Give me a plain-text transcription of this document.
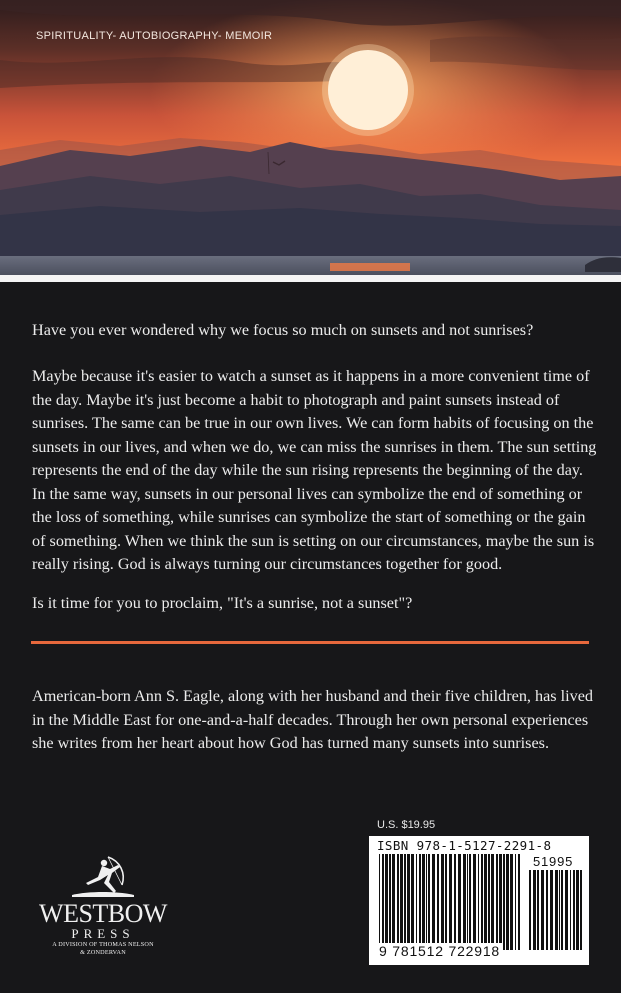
SPIRITUALITY- AUTOBIOGRAPHY- MEMOIR

Have you ever wondered why we focus so much on sunsets and not sunrises?

Maybe because it's easier to watch a sunset as it happens in a more convenient time of the day. Maybe it's just become a habit to photograph and paint sunsets instead of sunrises. The same can be true in our own lives. We can form habits of focusing on the sunsets in our lives, and when we do, we can miss the sunrises in them. The sun setting represents the end of the day while the sun rising represents the beginning of the day. In the same way, sunsets in our personal lives can symbolize the end of something or the loss of something, while sunrises can symbolize the start of something or the gain of something. When we think the sun is setting on our circumstances, maybe the sun is really rising. God is always turning our circumstances together for good.

Is it time for you to proclaim, "It's a sunrise, not a sunset"?

American-born Ann S. Eagle, along with her husband and their five children, has lived in the Middle East for one-and-a-half decades. Through her own personal experiences she writes from her heart about how God has turned many sunsets into sunrises.

U.S. $19.95
ISBN 978-1-5127-2291-8
51995
9 781512 722918
WESTBOW
PRESS
A DIVISION OF THOMAS NELSON
& ZONDERVAN
